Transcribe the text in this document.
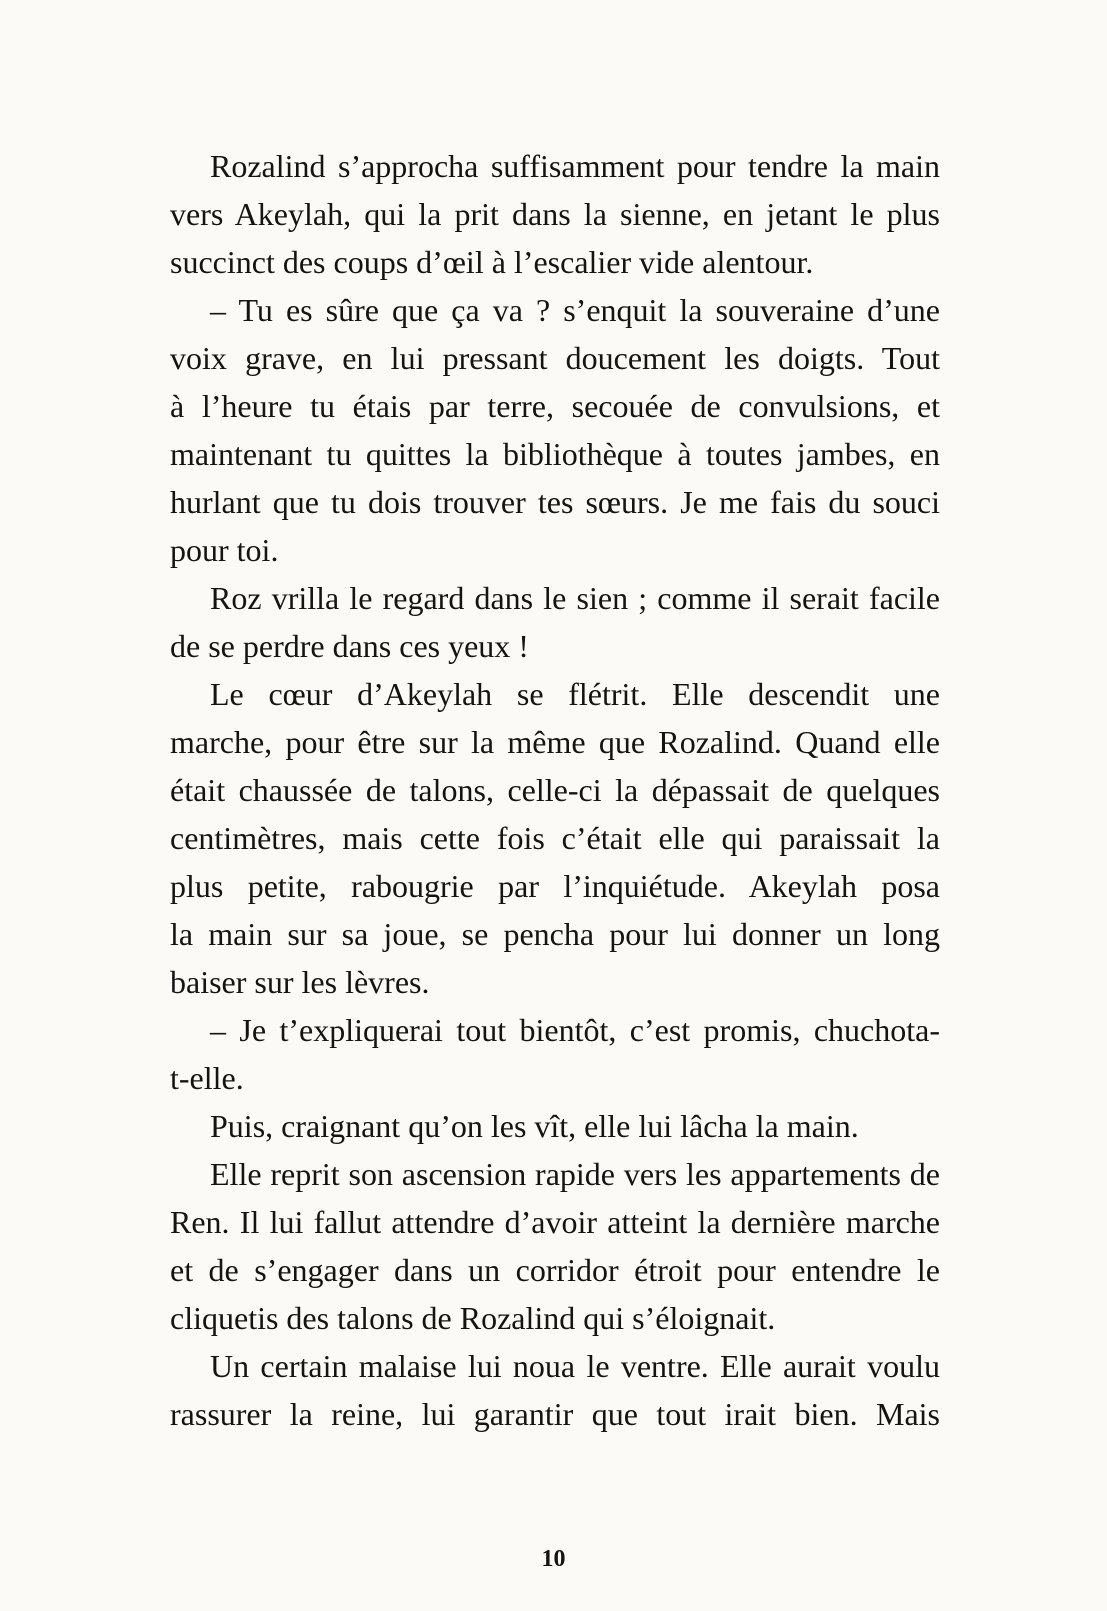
Rozalind s’approcha suffisamment pour tendre la main
vers Akeylah, qui la prit dans la sienne, en jetant le plus
succinct des coups d’œil à l’escalier vide alentour.
– Tu es sûre que ça va ? s’enquit la souveraine d’une
voix grave, en lui pressant doucement les doigts. Tout
à l’heure tu étais par terre, secouée de convulsions, et
maintenant tu quittes la bibliothèque à toutes jambes, en
hurlant que tu dois trouver tes sœurs. Je me fais du souci
pour toi.
Roz vrilla le regard dans le sien ; comme il serait facile
de se perdre dans ces yeux !
Le cœur d’Akeylah se flétrit. Elle descendit une
marche, pour être sur la même que Rozalind. Quand elle
était chaussée de talons, celle-ci la dépassait de quelques
centimètres, mais cette fois c’était elle qui paraissait la
plus petite, rabougrie par l’inquiétude. Akeylah posa
la main sur sa joue, se pencha pour lui donner un long
baiser sur les lèvres.
– Je t’expliquerai tout bientôt, c’est promis, chuchota-
t-elle.
Puis, craignant qu’on les vît, elle lui lâcha la main.
Elle reprit son ascension rapide vers les appartements de
Ren. Il lui fallut attendre d’avoir atteint la dernière marche
et de s’engager dans un corridor étroit pour entendre le
cliquetis des talons de Rozalind qui s’éloignait.
Un certain malaise lui noua le ventre. Elle aurait voulu
rassurer la reine, lui garantir que tout irait bien. Mais
10
